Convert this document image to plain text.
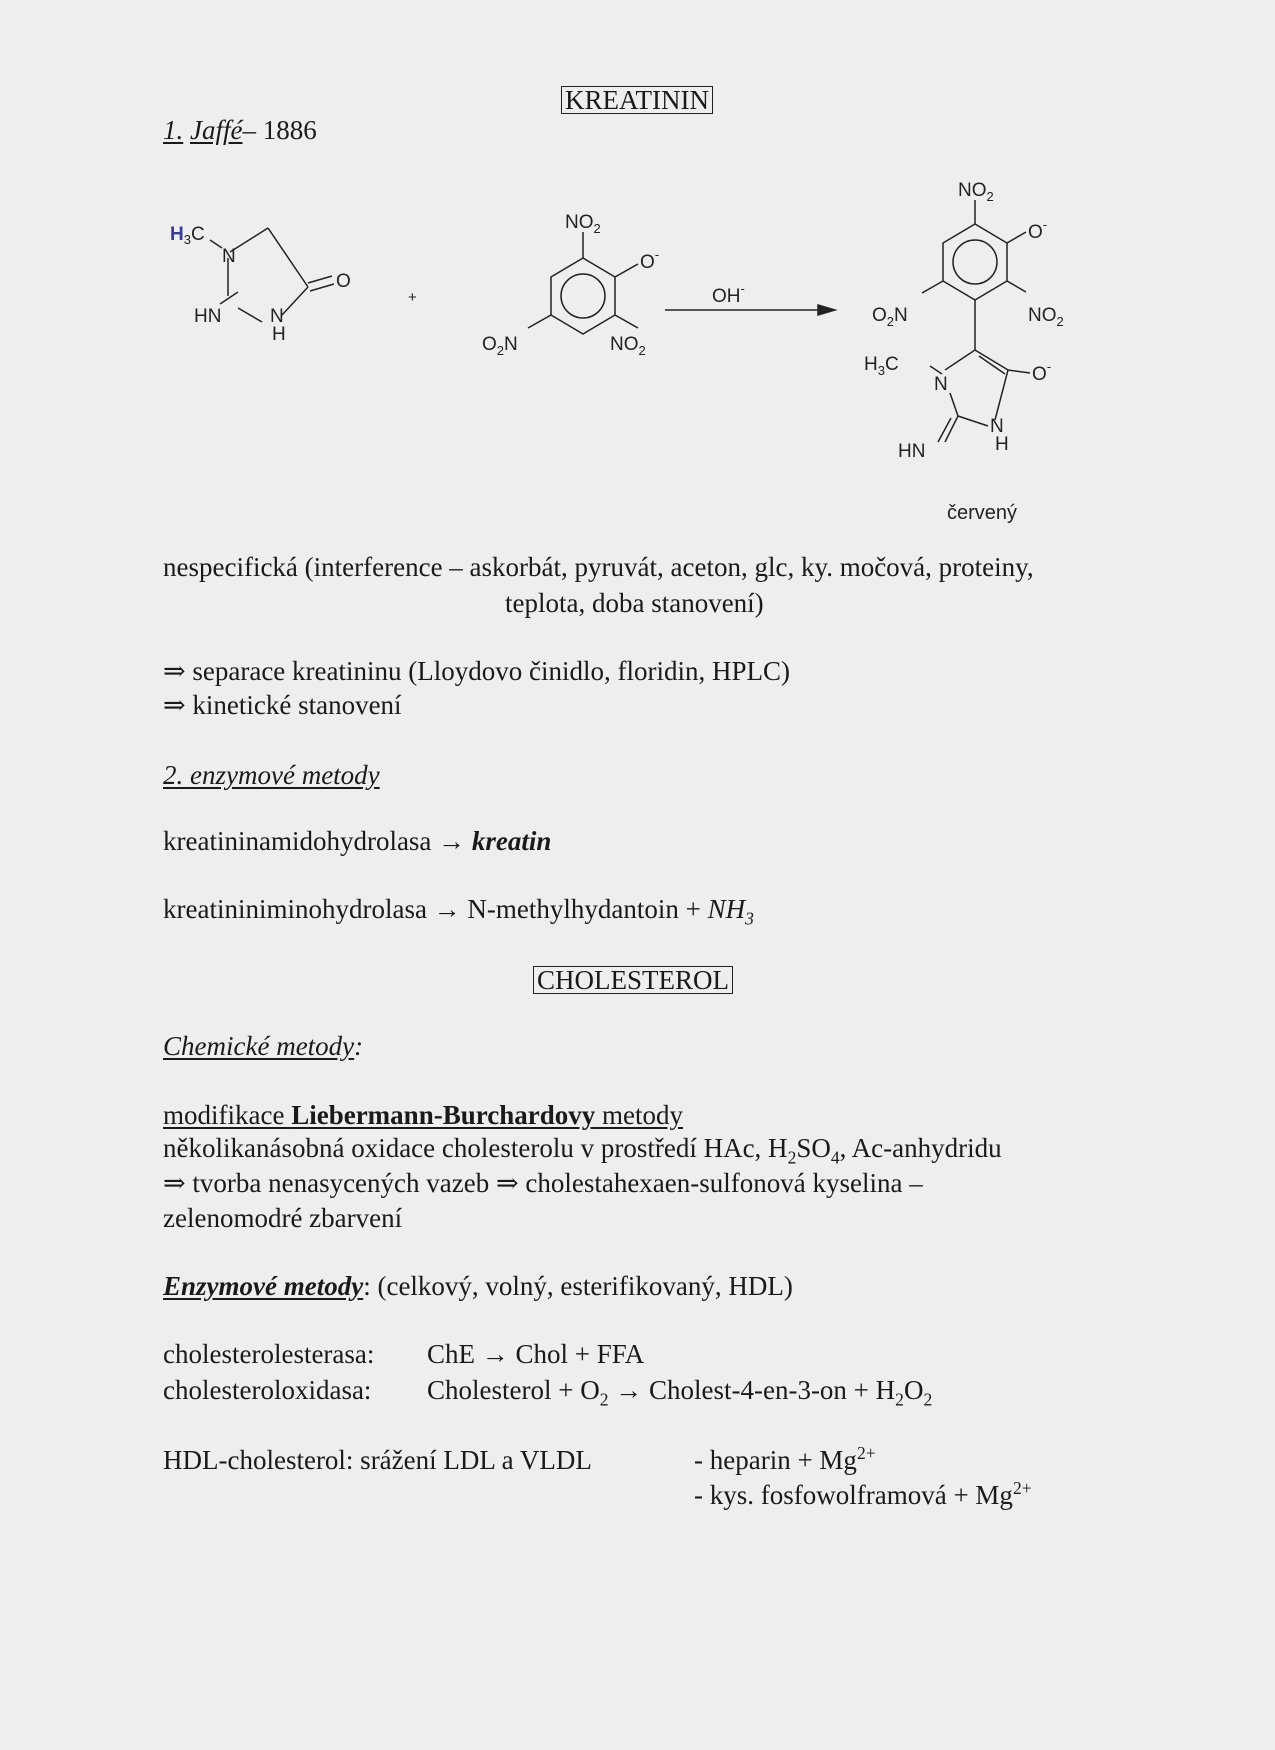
1. Jaffé– 1886
KREATININ
$H_3C$
N
O
HN	N
H
+
$NO_2$
O-
$O_2N$	$NO_2$
OH-
$NO_2$
O-
$O_2N$	$NO_2$
$H_3C$
N	O-
N
H
HN
červený
nespecifická (interference – askorbát, pyruvát, aceton, glc, ky. močová, proteiny,
teplota, doba stanovení)
⇒ separace kreatininu (Lloydovo činidlo, floridin, HPLC)
⇒ kinetické stanovení
2. enzymové metody
kreatininamidohydrolasa → kreatin
kreatininiminohydrolasa → N-methylhydantoin + $NH_3$
CHOLESTEROL
Chemické metody:
modifikace Liebermann-Burchardovy metody
několikanásobná oxidace cholesterolu v prostředí HAc, $H_2SO_4$, Ac-anhydridu
⇒ tvorba nenasycených vazeb ⇒ cholestahexaen-sulfonová kyselina –
zelenomodré zbarvení
Enzymové metody: (celkový, volný, esterifikovaný, HDL)
cholesterolesterasa: ChE → Chol + FFA
cholesteroloxidasa: Cholesterol + $O_2$ → Cholest-4-en-3-on + $H_2O_2$
HDL-cholesterol: srážení LDL a VLDL	- heparin + $Mg^{2+}$
- kys. fosfowolframová + $Mg^{2+}$
